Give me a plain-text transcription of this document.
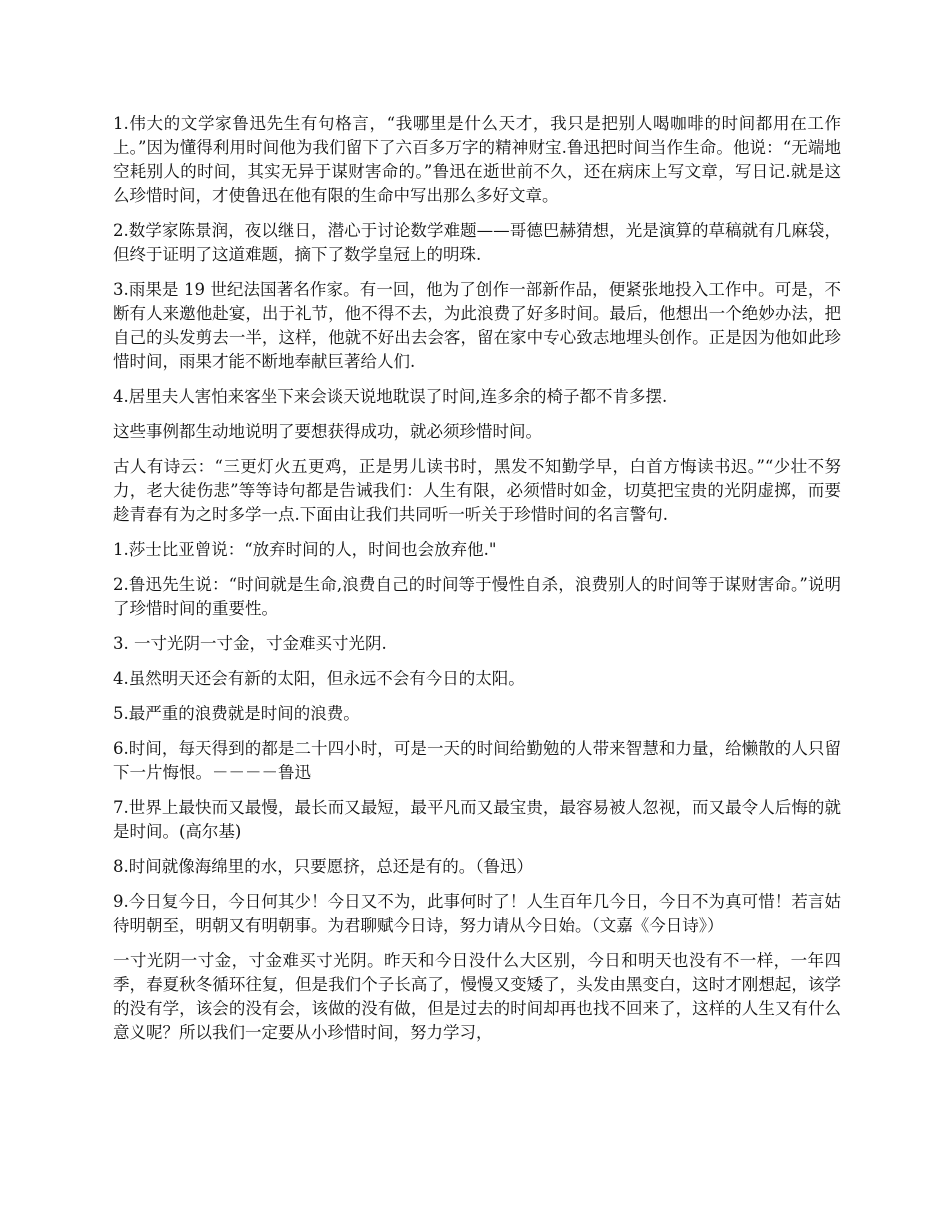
1.伟大的文学家鲁迅先生有句格言，“我哪里是什么天才，我只是把别人喝咖啡的时间都用在工作上。”因为懂得利用时间他为我们留下了六百多万字的精神财宝.鲁迅把时间当作生命。他说：“无端地空耗别人的时间，其实无异于谋财害命的。”鲁迅在逝世前不久，还在病床上写文章，写日记.就是这么珍惜时间，才使鲁迅在他有限的生命中写出那么多好文章。

2.数学家陈景润，夜以继日，潜心于讨论数学难题——哥德巴赫猜想，光是演算的草稿就有几麻袋，但终于证明了这道难题，摘下了数学皇冠上的明珠.

3.雨果是 19 世纪法国著名作家。有一回，他为了创作一部新作品，便紧张地投入工作中。可是，不断有人来邀他赴宴，出于礼节，他不得不去，为此浪费了好多时间。最后，他想出一个绝妙办法，把自己的头发剪去一半，这样，他就不好出去会客，留在家中专心致志地埋头创作。正是因为他如此珍惜时间，雨果才能不断地奉献巨著给人们.

4.居里夫人害怕来客坐下来会谈天说地耽误了时间,连多余的椅子都不肯多摆.

这些事例都生动地说明了要想获得成功，就必须珍惜时间。

古人有诗云：“三更灯火五更鸡，正是男儿读书时，黑发不知勤学早，白首方悔读书迟。”“少壮不努力，老大徒伤悲”等等诗句都是告诫我们：人生有限，必须惜时如金，切莫把宝贵的光阴虚掷，而要趁青春有为之时多学一点.下面由让我们共同听一听关于珍惜时间的名言警句.

1.莎士比亚曾说：“放弃时间的人，时间也会放弃他."

2.鲁迅先生说：“时间就是生命,浪费自己的时间等于慢性自杀，浪费别人的时间等于谋财害命。”说明了珍惜时间的重要性。

3. 一寸光阴一寸金，寸金难买寸光阴.

4.虽然明天还会有新的太阳，但永远不会有今日的太阳。

5.最严重的浪费就是时间的浪费。

6.时间，每天得到的都是二十四小时，可是一天的时间给勤勉的人带来智慧和力量，给懒散的人只留下一片悔恨。－－－－鲁迅

7.世界上最快而又最慢，最长而又最短，最平凡而又最宝贵，最容易被人忽视，而又最令人后悔的就是时间。(高尔基)

8.时间就像海绵里的水，只要愿挤，总还是有的。（鲁迅）

9.今日复今日，今日何其少！今日又不为，此事何时了！人生百年几今日，今日不为真可惜！若言姑待明朝至，明朝又有明朝事。为君聊赋今日诗，努力请从今日始。（文嘉《今日诗》）

一寸光阴一寸金，寸金难买寸光阴。昨天和今日没什么大区别，今日和明天也没有不一样，一年四季，春夏秋冬循环往复，但是我们个子长高了，慢慢又变矮了，头发由黑变白，这时才刚想起，该学的没有学，该会的没有会，该做的没有做，但是过去的时间却再也找不回来了，这样的人生又有什么意义呢？所以我们一定要从小珍惜时间，努力学习，
